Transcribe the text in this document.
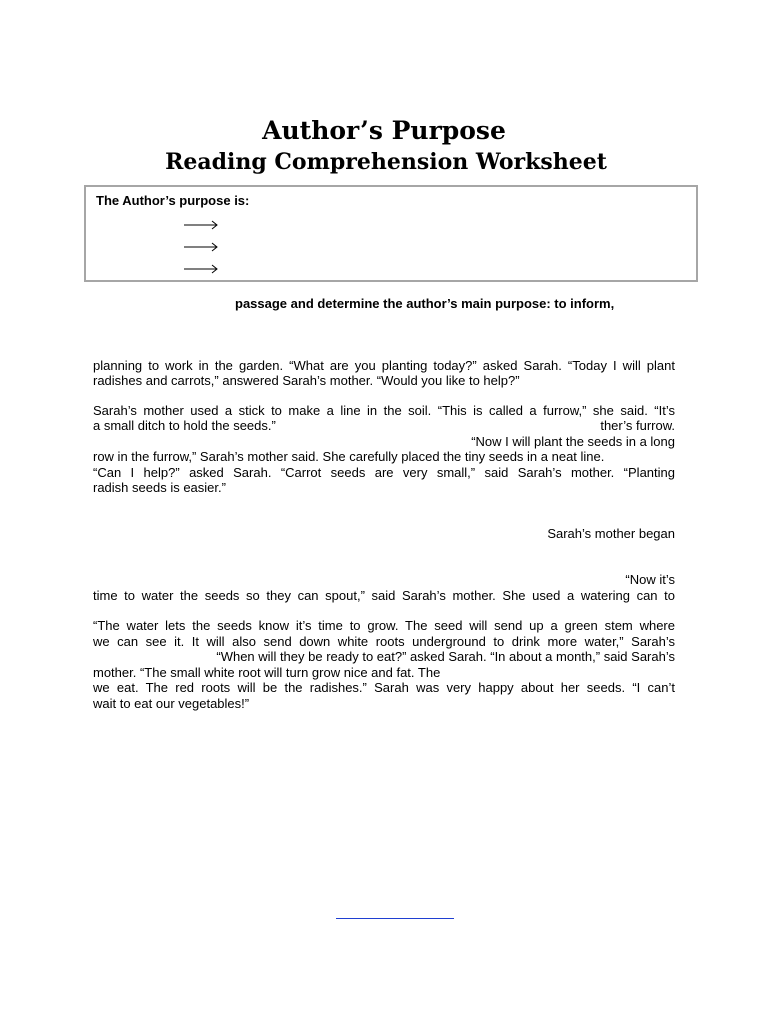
Author’s Purpose
Reading Comprehension Worksheet
The Author’s purpose is:

passage and determine the author’s main purpose: to inform,

planning to work in the garden. “What are you planting today?” asked Sarah. “Today I will plant

radishes and carrots,” answered Sarah’s mother. “Would you like to help?”

Sarah’s mother used a stick to make a line in the soil. “This is called a furrow,” she said. “It’s

a small ditch to hold the seeds.”	ther’s furrow.

“Now I will plant the seeds in a long

row in the furrow,” Sarah’s mother said. She carefully placed the tiny seeds in a neat line.

“Can I help?” asked Sarah. “Carrot seeds are very small,” said Sarah’s mother. “Planting

radish seeds is easier.”

Sarah’s mother began

“Now it’s

time to water the seeds so they can spout,” said Sarah’s mother. She used a watering can to

“The water lets the seeds know it’s time to grow. The seed will send up a green stem where

we can see it. It will also send down white roots underground to drink more water,” Sarah’s

“When will they be ready to eat?” asked Sarah. “In about a month,” said Sarah’s

mother. “The small white root will turn grow nice and fat. The

we eat. The red roots will be the radishes.” Sarah was very happy about her seeds. “I can’t

wait to eat our vegetables!”
